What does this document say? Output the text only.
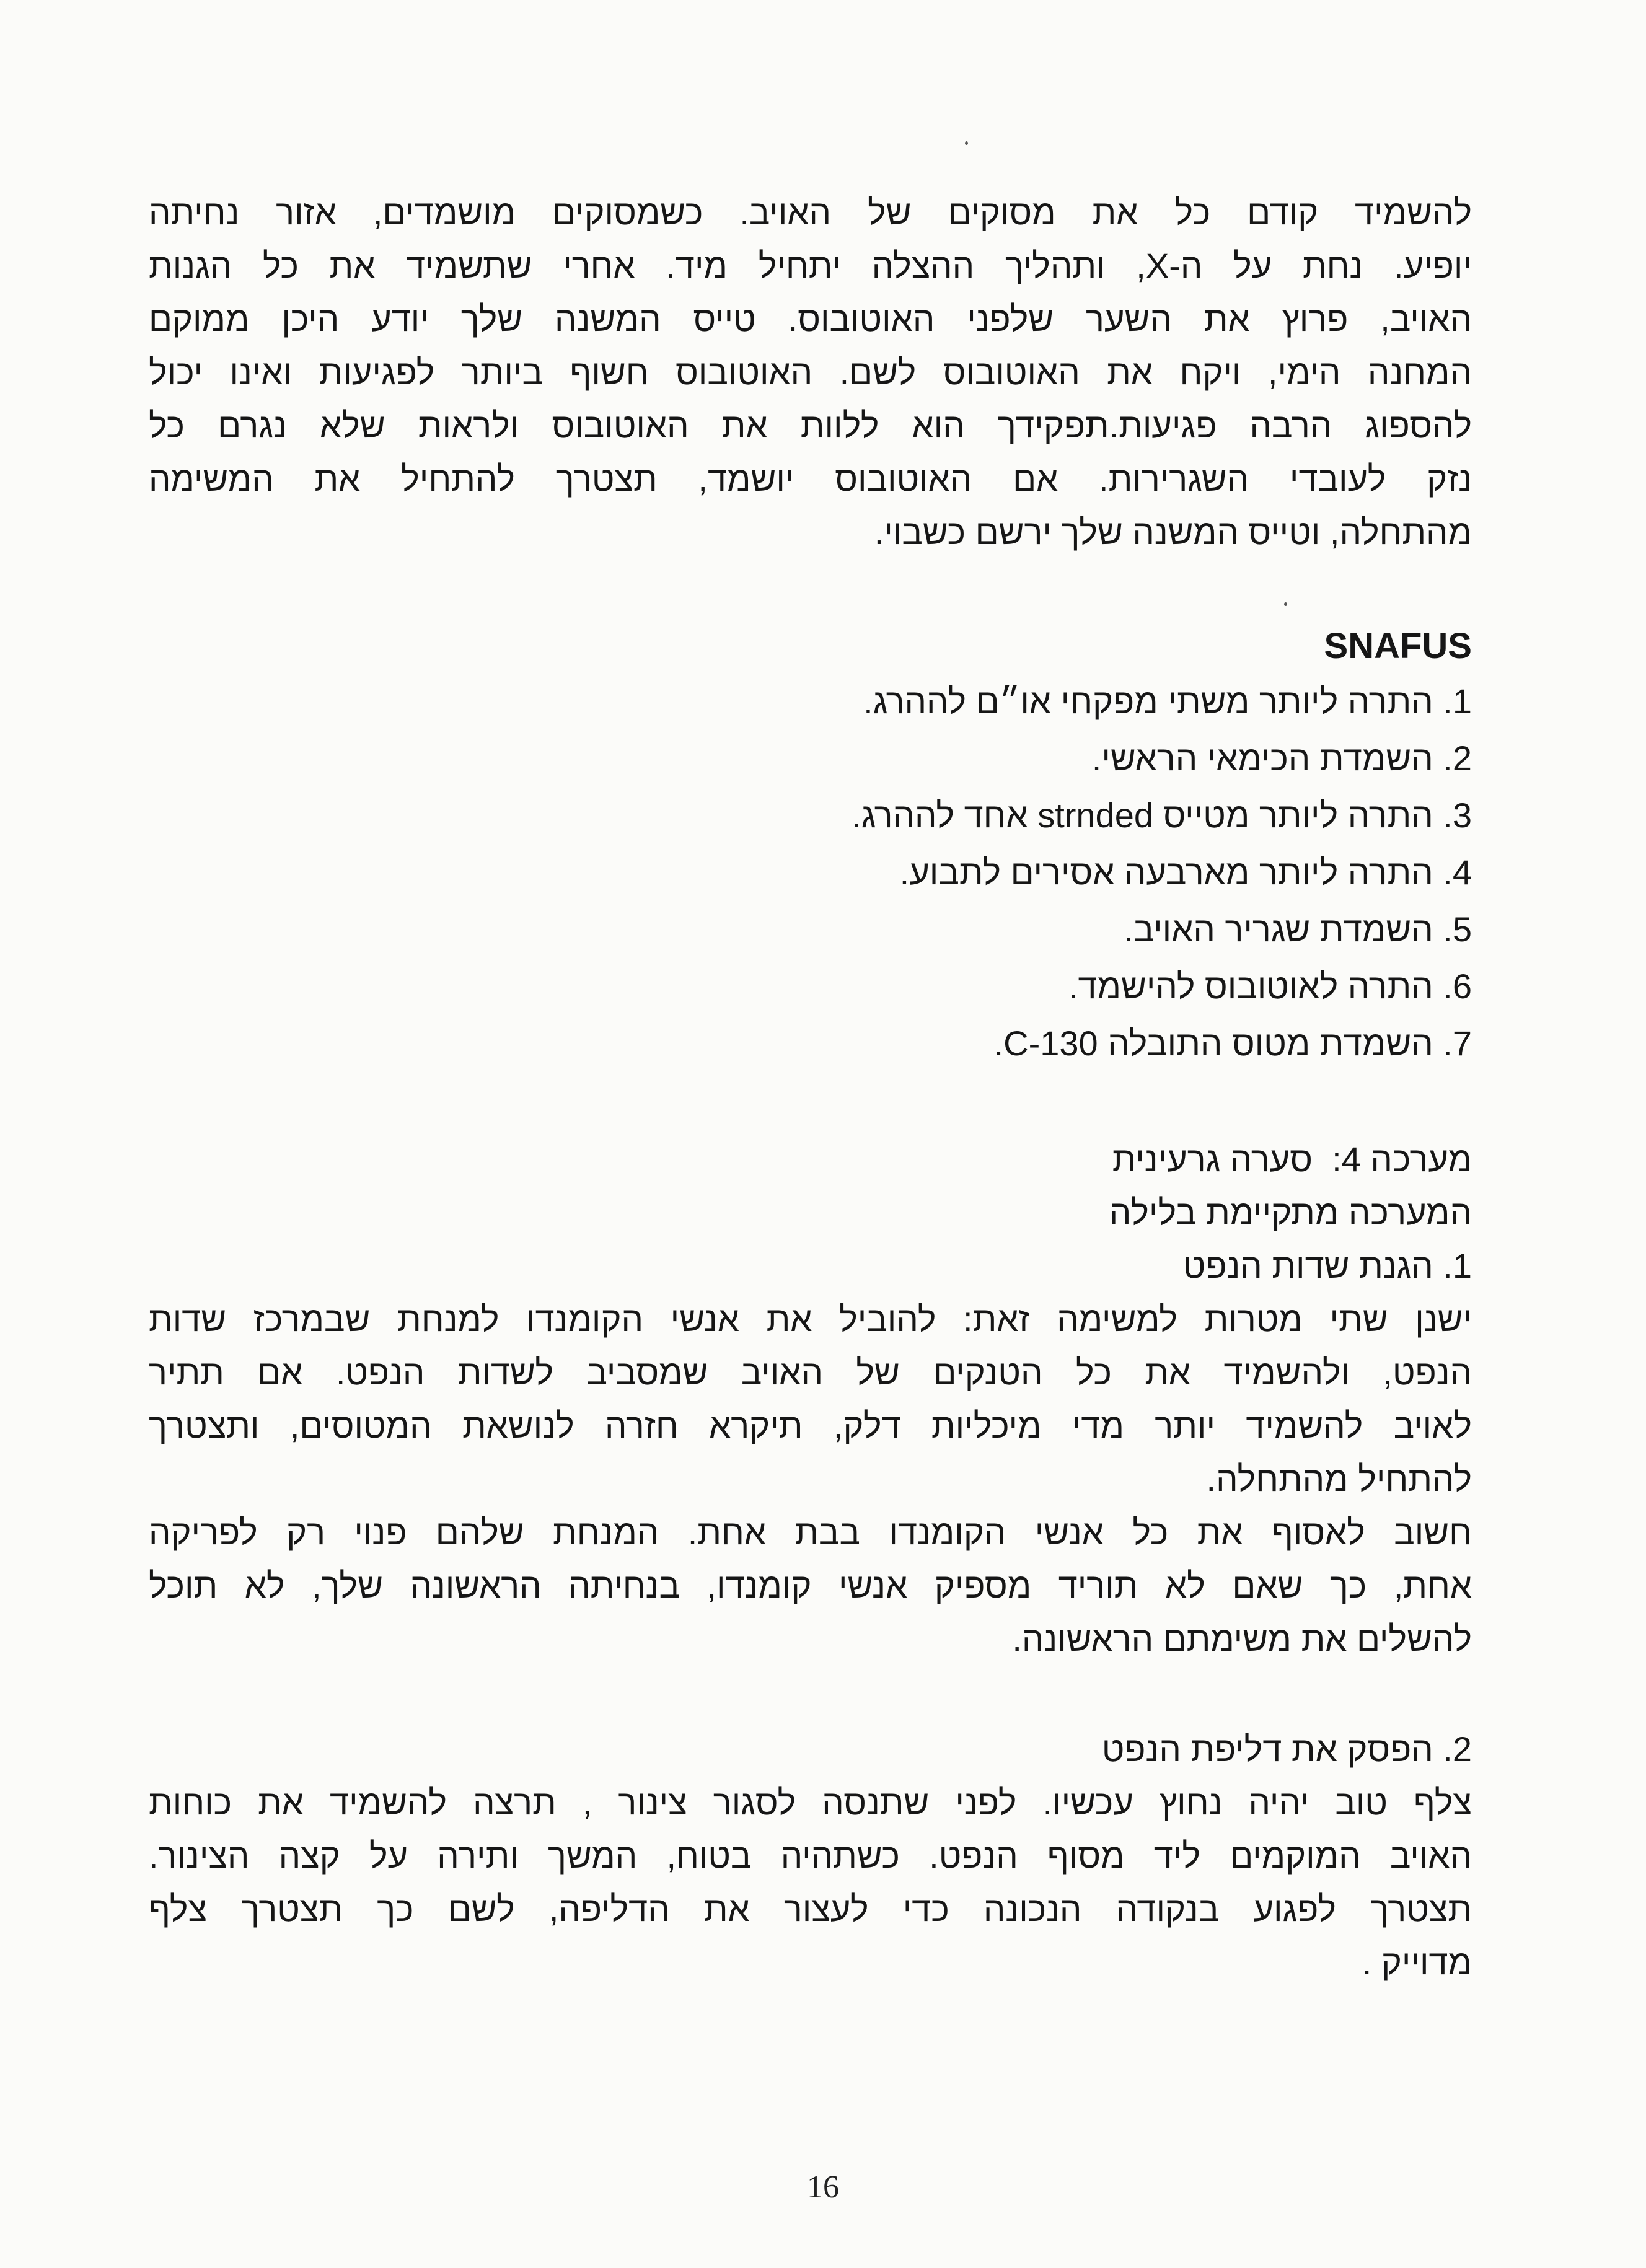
להשמיד קודם כל את מסוקים של האויב. כשמסוקים מושמדים, אזור נחיתה
יופיע. נחת על ה-X, ותהליך ההצלה יתחיל מיד. אחרי שתשמיד את כל הגנות
האויב, פרוץ את השער שלפני האוטובוס. טייס המשנה שלך יודע היכן ממוקם
המחנה הימי, ויקח את האוטובוס לשם. האוטובוס חשוף ביותר לפגיעות ואינו יכול
להספוג הרבה פגיעות.תפקידך הוא ללוות את האוטובוס ולראות שלא נגרם כל
נזק לעובדי השגרירות. אם האוטובוס יושמד, תצטרך להתחיל את המשימה
מהתחלה, וטייס המשנה שלך ירשם כשבוי.

SNAFUS

1. התרה ליותר משתי מפקחי או״ם לההרג.
2. השמדת הכימאי הראשי.
3. התרה ליותר מטייס strnded אחד לההרג.
4. התרה ליותר מארבעה אסירים לתבוע.
5. השמדת שגריר האויב.
6. התרה לאוטובוס להישמד.
7. השמדת מטוס התובלה C-130.

מערכה 4:  סערה גרעינית

המערכה מתקיימת בלילה

1. הגנת שדות הנפט

ישנן שתי מטרות למשימה זאת: להוביל את אנשי הקומנדו למנחת שבמרכז שדות
הנפט, ולהשמיד את כל הטנקים של האויב שמסביב לשדות הנפט. אם תתיר
לאויב להשמיד יותר מדי מיכליות דלק, תיקרא חזרה לנושאת המטוסים, ותצטרך
להתחיל מהתחלה.
חשוב לאסוף את כל אנשי הקומנדו בבת אחת. המנחת שלהם פנוי רק לפריקה
אחת, כך שאם לא תוריד מספיק אנשי קומנדו, בנחיתה הראשונה שלך, לא תוכל
להשלים את משימתם הראשונה.

2. הפסק את דליפת הנפט

צלף טוב יהיה נחוץ עכשיו. לפני שתנסה לסגור צינור , תרצה להשמיד את כוחות
האויב המוקמים ליד מסוף הנפט. כשתהיה בטוח, המשך ותירה על קצה הצינור.
תצטרך לפגוע בנקודה הנכונה כדי לעצור את הדליפה, לשם כך תצטרך צלף
מדוייק .
16
